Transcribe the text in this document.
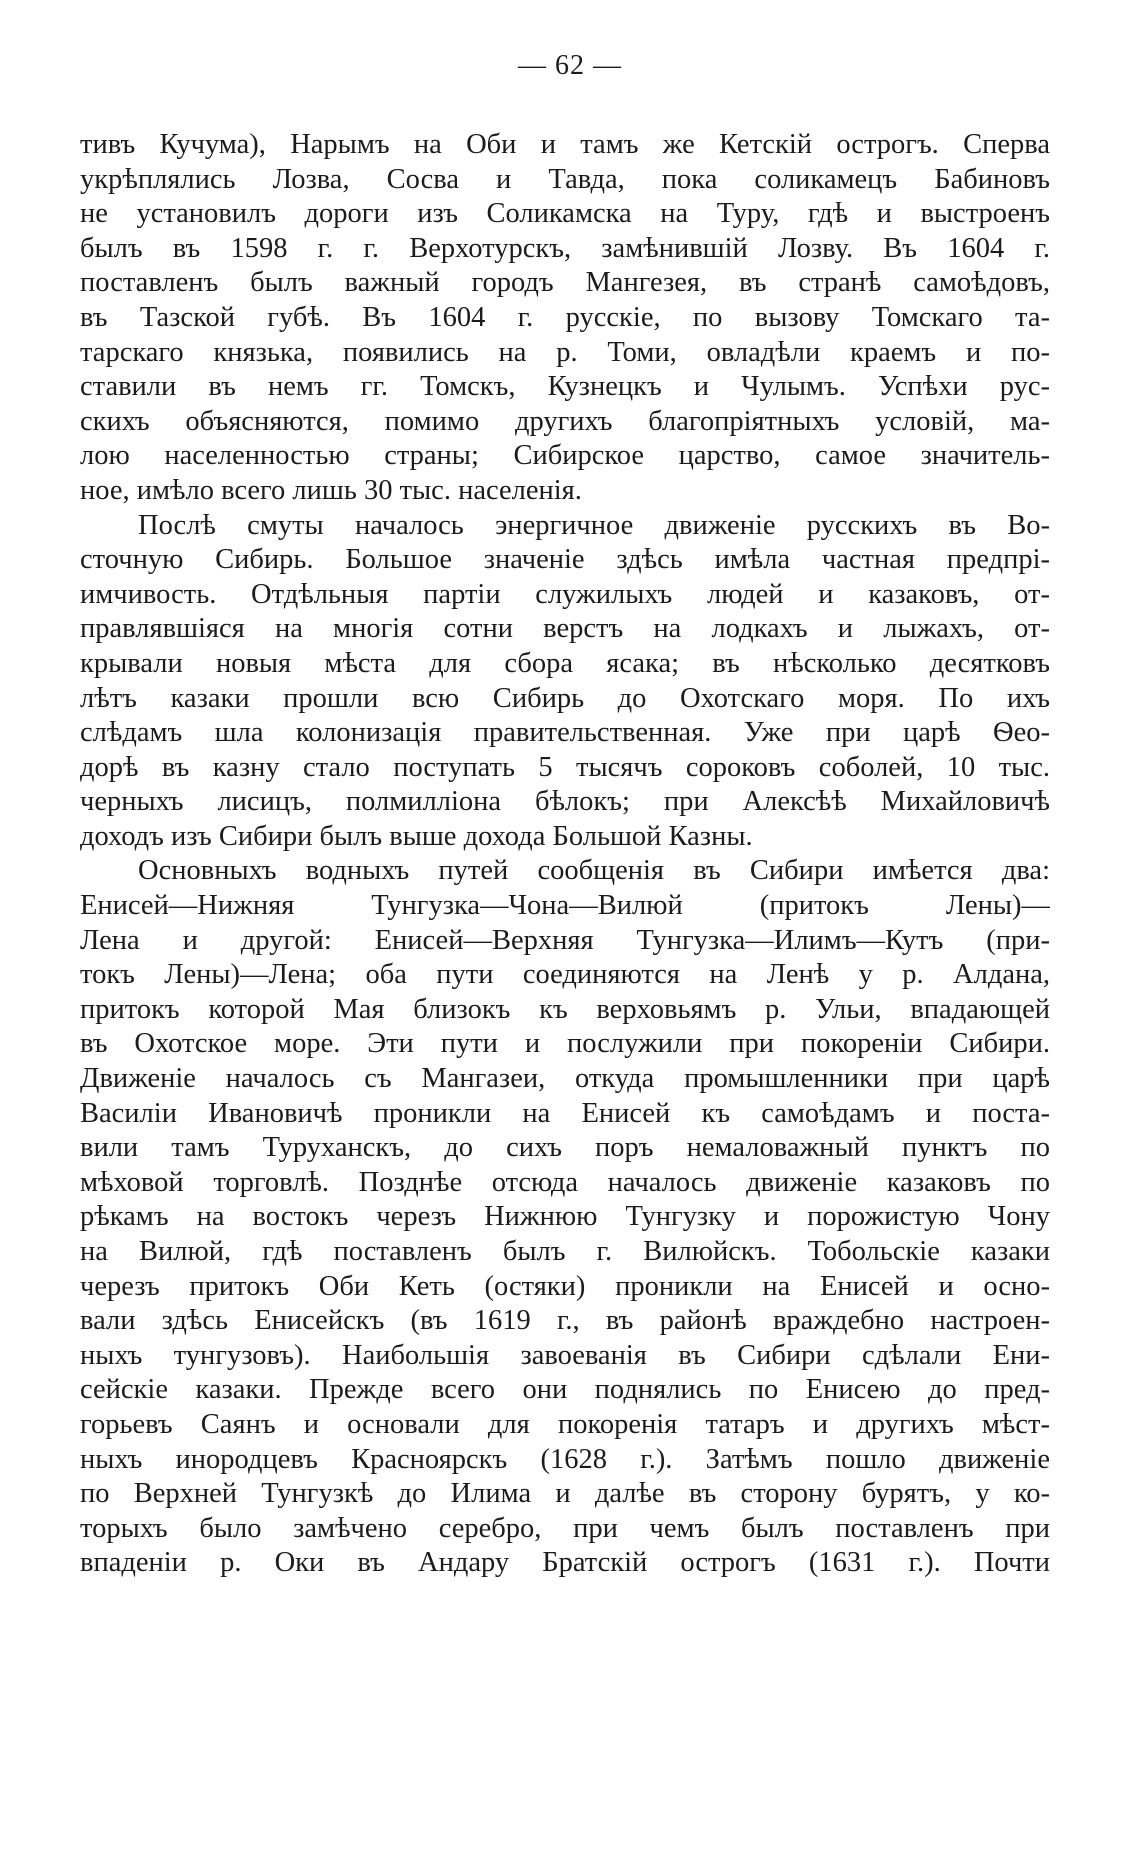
— 62 —
тивъ Кучума), Нарымъ на Оби и тамъ же Кетскій острогъ. Сперва
укрѣплялись Лозва, Сосва и Тавда, пока соликамецъ Бабиновъ
не установилъ дороги изъ Соликамска на Туру, гдѣ и выстроенъ
былъ въ 1598 г. г. Верхотурскъ, замѣнившій Лозву. Въ 1604 г.
поставленъ былъ важный городъ Мангезея, въ странѣ самоѣдовъ,
въ Тазской губѣ. Въ 1604 г. русскіе, по вызову Томскаго та-
тарскаго князька, появились на р. Томи, овладѣли краемъ и по-
ставили въ немъ гг. Томскъ, Кузнецкъ и Чулымъ. Успѣхи рус-
скихъ объясняются, помимо другихъ благопріятныхъ условій, ма-
лою населенностью страны; Сибирское царство, самое значитель-
ное, имѣло всего лишь 30 тыс. населенія.
Послѣ смуты началось энергичное движеніе русскихъ въ Во-
сточную Сибирь. Большое значеніе здѣсь имѣла частная предпрі-
имчивость. Отдѣльныя партіи служилыхъ людей и казаковъ, от-
правлявшіяся на многія сотни верстъ на лодкахъ и лыжахъ, от-
крывали новыя мѣста для сбора ясака; въ нѣсколько десятковъ
лѣтъ казаки прошли всю Сибирь до Охотскаго моря. По ихъ
слѣдамъ шла колонизація правительственная. Уже при царѣ Ѳео-
дорѣ въ казну стало поступать 5 тысячъ сороковъ соболей, 10 тыс.
черныхъ лисицъ, полмилліона бѣлокъ; при Алексѣѣ Михайловичѣ
доходъ изъ Сибири былъ выше дохода Большой Казны.
Основныхъ водныхъ путей сообщенія въ Сибири имѣется два:
Енисей—Нижняя Тунгузка—Чона—Вилюй (притокъ Лены)—
Лена и другой: Енисей—Верхняя Тунгузка—Илимъ—Кутъ (при-
токъ Лены)—Лена; оба пути соединяются на Ленѣ у р. Алдана,
притокъ которой Мая близокъ къ верховьямъ р. Ульи, впадающей
въ Охотское море. Эти пути и послужили при покореніи Сибири.
Движеніе началось съ Мангазеи, откуда промышленники при царѣ
Василіи Ивановичѣ проникли на Енисей къ самоѣдамъ и поста-
вили тамъ Туруханскъ, до сихъ поръ немаловажный пунктъ по
мѣховой торговлѣ. Позднѣе отсюда началось движеніе казаковъ по
рѣкамъ на востокъ черезъ Нижнюю Тунгузку и порожистую Чону
на Вилюй, гдѣ поставленъ былъ г. Вилюйскъ. Тобольскіе казаки
черезъ притокъ Оби Кеть (остяки) проникли на Енисей и осно-
вали здѣсь Енисейскъ (въ 1619 г., въ районѣ враждебно настроен-
ныхъ тунгузовъ). Наибольшія завоеванія въ Сибири сдѣлали Ени-
сейскіе казаки. Прежде всего они поднялись по Енисею до пред-
горьевъ Саянъ и основали для покоренія татаръ и другихъ мѣст-
ныхъ инородцевъ Красноярскъ (1628 г.). Затѣмъ пошло движеніе
по Верхней Тунгузкѣ до Илима и далѣе въ сторону бурятъ, у ко-
торыхъ было замѣчено серебро, при чемъ былъ поставленъ при
впаденіи р. Оки въ Андару Братскій острогъ (1631 г.). Почти
